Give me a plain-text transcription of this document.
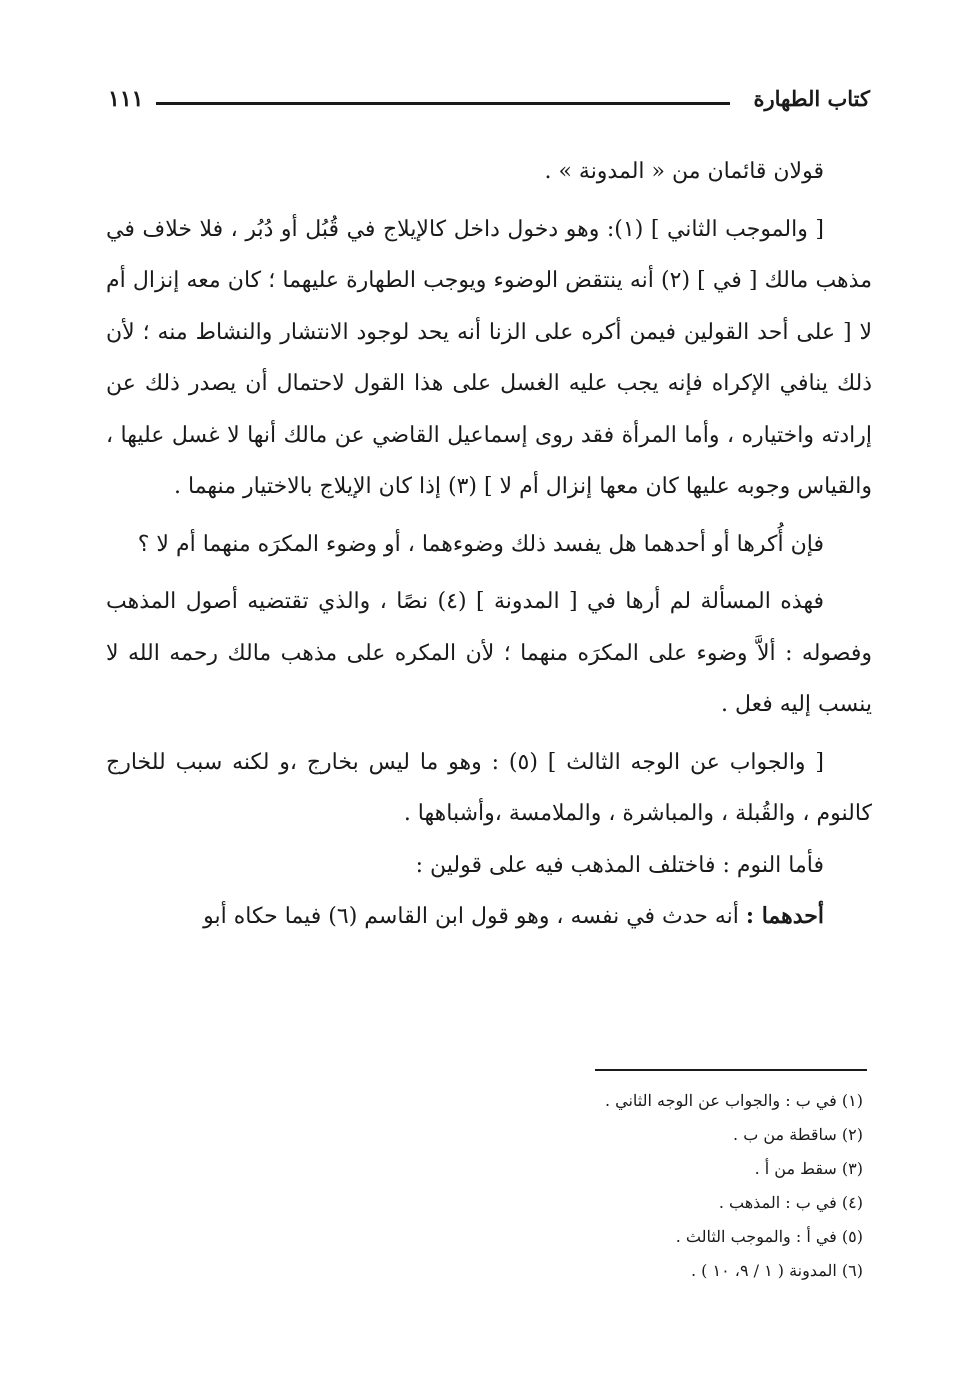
كتاب الطهارة
١١١

قولان قائمان من « المدونة » .

[ والموجب الثاني ] (١): وهو دخول داخل كالإيلاج في قُبُل أو دُبُر ، فلا خلاف في مذهب مالك [ في ] (٢) أنه ينتقض الوضوء ويوجب الطهارة عليهما ؛ كان معه إنزال أم لا [ على أحد القولين فيمن أكره على الزنا أنه يحد لوجود الانتشار والنشاط منه ؛ لأن ذلك ينافي الإكراه فإنه يجب عليه الغسل على هذا القول لاحتمال أن يصدر ذلك عن إرادته واختياره ، وأما المرأة فقد روى إسماعيل القاضي عن مالك أنها لا غسل عليها ، والقياس وجوبه عليها كان معها إنزال أم لا ] (٣) إذا كان الإيلاج بالاختيار منهما .

فإن أُكرها أو أحدهما هل يفسد ذلك وضوءهما ، أو وضوء المكرَه منهما أم لا ؟

فهذه المسألة لم أرها في [ المدونة ] (٤) نصًا ، والذي تقتضيه أصول المذهب وفصوله : ألاَّ وضوء على المكرَه منهما ؛ لأن المكره على مذهب مالك رحمه الله لا ينسب إليه فعل .

[ والجواب عن الوجه الثالث ] (٥) : وهو ما ليس بخارج ،و لكنه سبب للخارج كالنوم ، والقُبلة ، والمباشرة ، والملامسة ،وأشباهها .

فأما النوم : فاختلف المذهب فيه على قولين :

أحدهما : أنه حدث في نفسه ، وهو قول ابن القاسم (٦) فيما حكاه أبو

(١) في ب : والجواب عن الوجه الثاني .
(٢) ساقطة من ب .
(٣) سقط من أ .
(٤) في ب : المذهب .
(٥) في أ : والموجب الثالث .
(٦) المدونة ( ١ / ٩، ١٠ ) .
